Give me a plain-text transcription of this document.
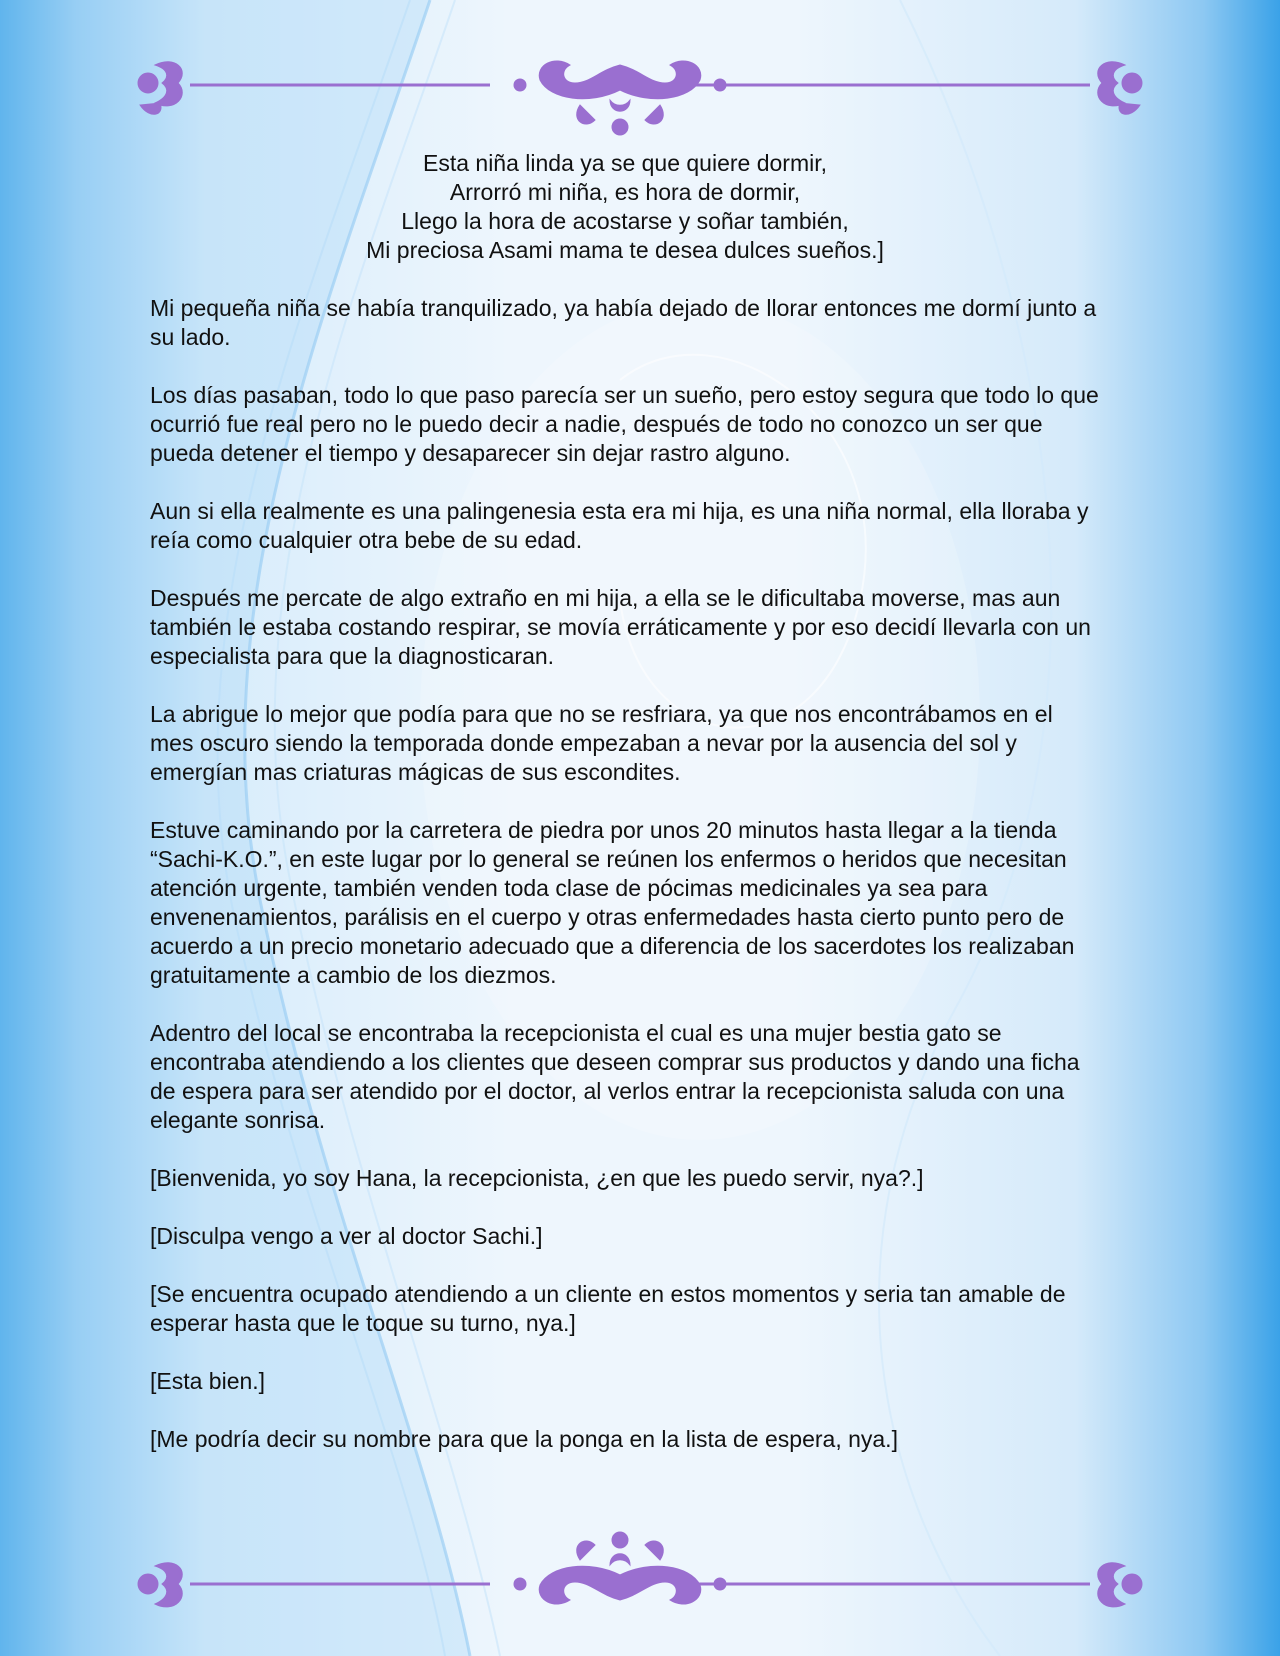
Esta niña linda ya se que quiere dormir,
Arrorró mi niña, es hora de dormir,
Llego la hora de acostarse y soñar también,
Mi preciosa Asami mama te desea dulces sueños.]

Mi pequeña niña se había tranquilizado, ya había dejado de llorar entonces me dormí junto a su lado.

Los días pasaban, todo lo que paso parecía ser un sueño, pero estoy segura que todo lo que ocurrió fue real pero no le puedo decir a nadie, después de todo no conozco un ser que pueda detener el tiempo y desaparecer sin dejar rastro alguno.

Aun si ella realmente es una palingenesia esta era mi hija, es una niña normal, ella lloraba y reía como cualquier otra bebe de su edad.

Después me percate de algo extraño en mi hija, a ella se le dificultaba moverse, mas aun también le estaba costando respirar, se movía erráticamente y por eso decidí llevarla con un especialista para que la diagnosticaran.

La abrigue lo mejor que podía para que no se resfriara, ya que nos encontrábamos en el mes oscuro siendo la temporada donde empezaban a nevar por la ausencia del sol y emergían mas criaturas mágicas de sus escondites.

Estuve caminando por la carretera de piedra por unos 20 minutos hasta llegar a la tienda “Sachi-K.O.”, en este lugar por lo general se reúnen los enfermos o heridos que necesitan atención urgente, también venden toda clase de pócimas medicinales ya sea para envenenamientos, parálisis en el cuerpo y otras enfermedades hasta cierto punto pero de acuerdo a un precio monetario adecuado que a diferencia de los sacerdotes los realizaban gratuitamente a cambio de los diezmos.

Adentro del local se encontraba la recepcionista el cual es una mujer bestia gato se encontraba atendiendo a los clientes que deseen comprar sus productos y dando una ficha de espera para ser atendido por el doctor, al verlos entrar la recepcionista saluda con una elegante sonrisa.

[Bienvenida, yo soy Hana, la recepcionista, ¿en que les puedo servir, nya?.]

[Disculpa vengo a ver al doctor Sachi.]

[Se encuentra ocupado atendiendo a un cliente en estos momentos y seria tan amable de esperar hasta que le toque su turno, nya.]

[Esta bien.]

[Me podría decir su nombre para que la ponga en la lista de espera, nya.]
